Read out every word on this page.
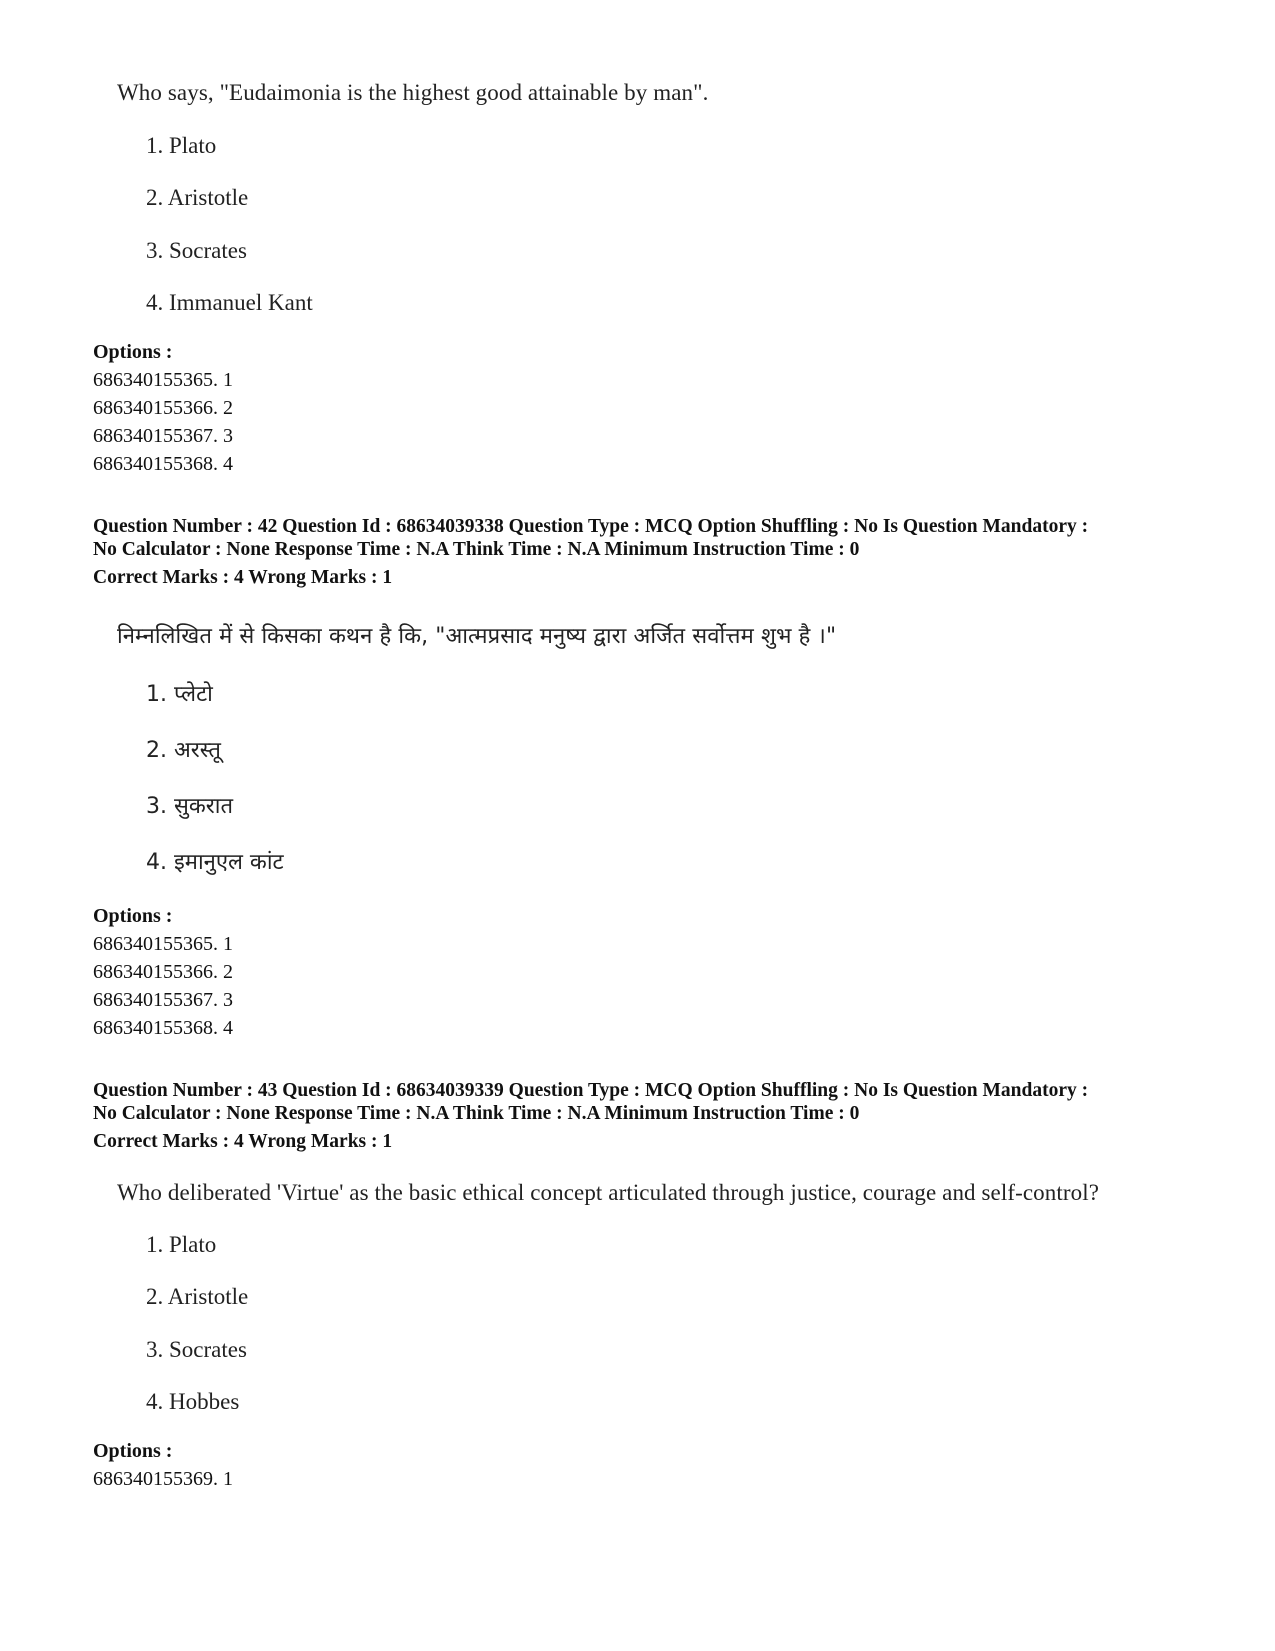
Who says, "Eudaimonia is the highest good attainable by man".
1. Plato
2. Aristotle
3. Socrates
4. Immanuel Kant
Options :
686340155365. 1
686340155366. 2
686340155367. 3
686340155368. 4
Question Number : 42 Question Id : 68634039338 Question Type : MCQ Option Shuffling : No Is Question Mandatory :
No Calculator : None Response Time : N.A Think Time : N.A Minimum Instruction Time : 0
Correct Marks : 4 Wrong Marks : 1
निम्नलिखित में से किसका कथन है कि, "आत्मप्रसाद मनुष्य द्वारा अर्जित सर्वोत्तम शुभ है ।"
1. प्लेटो
2. अरस्तू
3. सुकरात
4. इमानुएल कांट
Options :
686340155365. 1
686340155366. 2
686340155367. 3
686340155368. 4
Question Number : 43 Question Id : 68634039339 Question Type : MCQ Option Shuffling : No Is Question Mandatory :
No Calculator : None Response Time : N.A Think Time : N.A Minimum Instruction Time : 0
Correct Marks : 4 Wrong Marks : 1
Who deliberated 'Virtue' as the basic ethical concept articulated through justice, courage and self-control?
1. Plato
2. Aristotle
3. Socrates
4. Hobbes
Options :
686340155369. 1
